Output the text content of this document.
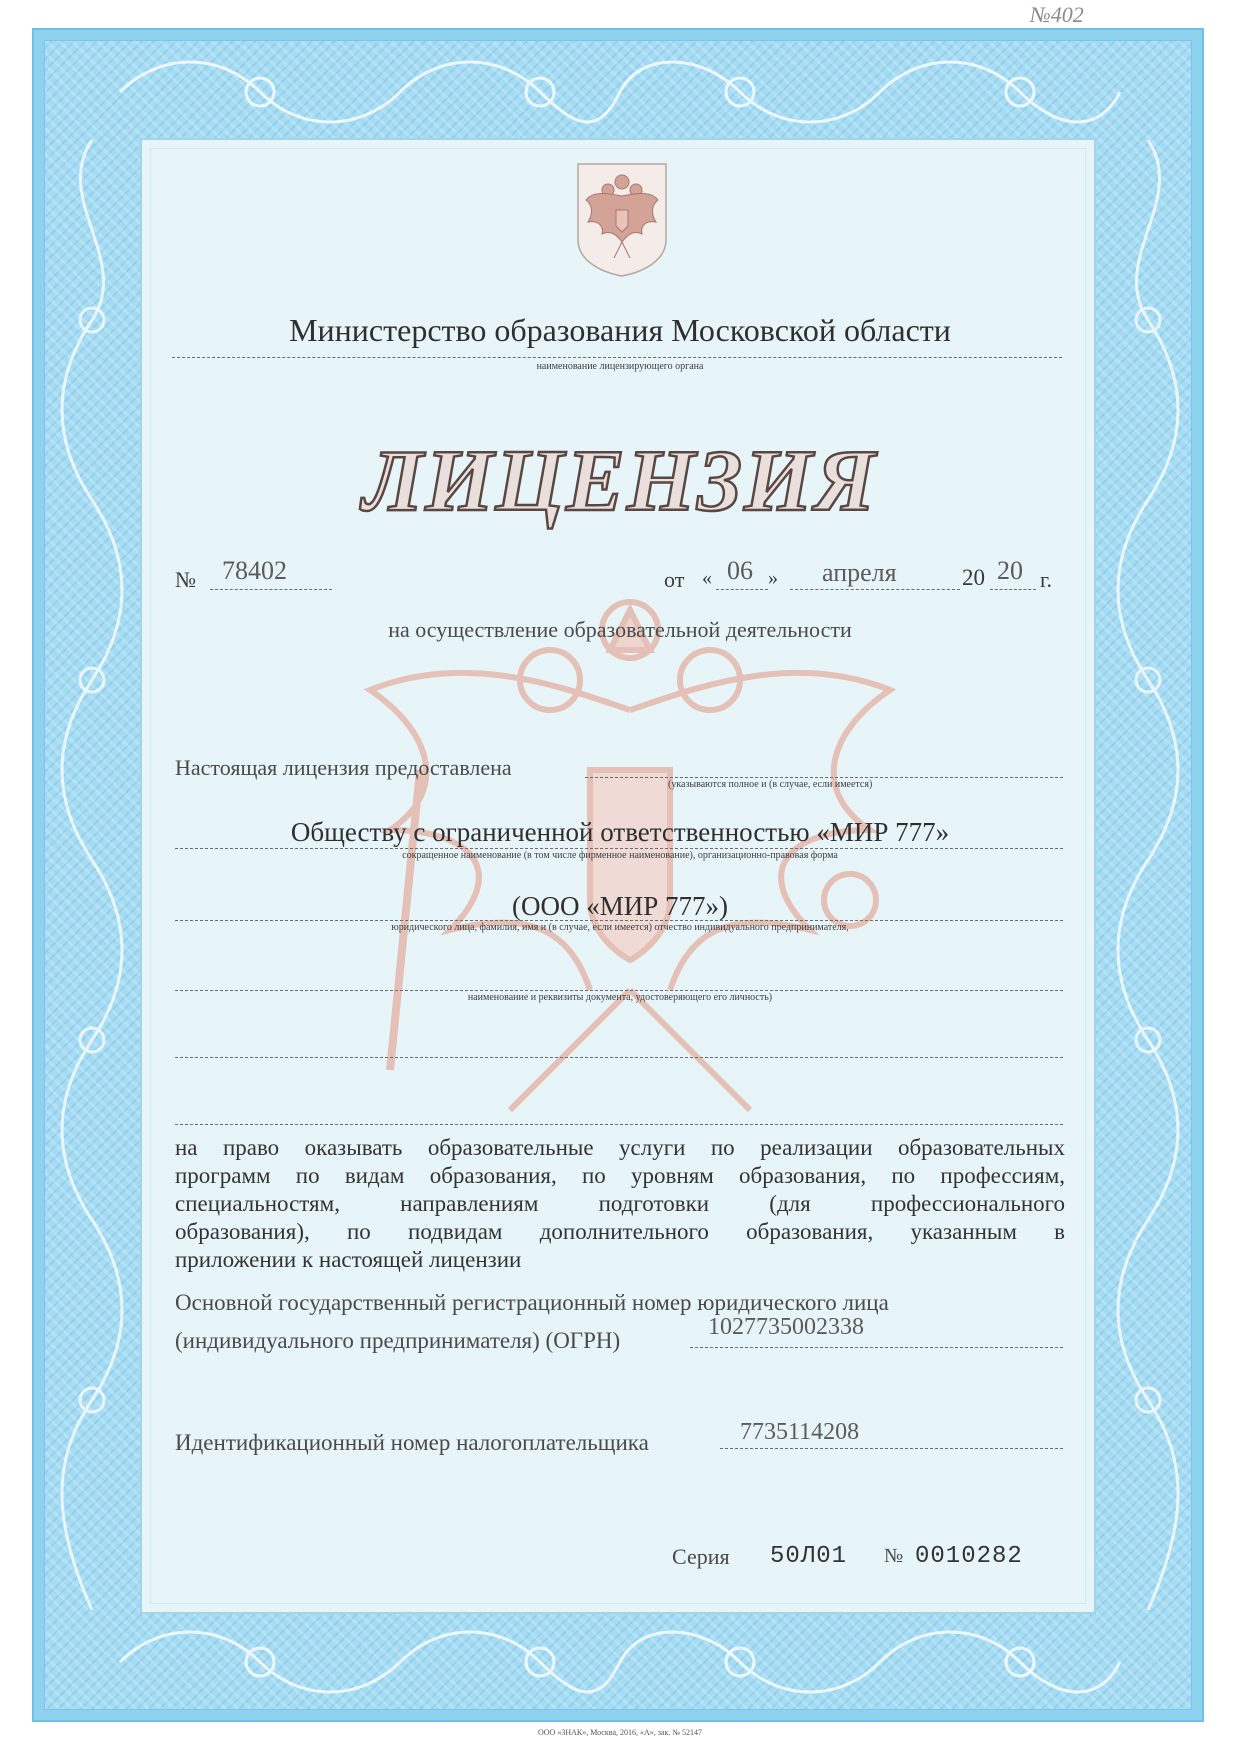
№402
Министерство образования Московской области
наименование лицензирующего органа
ЛИЦЕНЗИЯ
№ 78402	от « 06 » апреля	20 20 г.
на осуществление образовательной деятельности
Настоящая лицензия предоставлена
(указываются полное и (в случае, если имеется)
Обществу с ограниченной ответственностью «МИР 777»
сокращенное наименование (в том числе фирменное наименование), организационно-правовая форма
(ООО «МИР 777»)
юридического лица, фамилия, имя и (в случае, если имеется) отчество индивидуального предпринимателя,
наименование и реквизиты документа, удостоверяющего его личность)
на право оказывать образовательные услуги по реализации образовательных
программ по видам образования, по уровням образования, по профессиям,
специальностям, направлениям подготовки (для профессионального
образования), по подвидам дополнительного образования, указанным в
приложении к настоящей лицензии
Основной государственный регистрационный номер юридического лица
(индивидуального предпринимателя) (ОГРН)
1027735002338
Идентификационный номер налогоплательщика	7735114208
Серия 50Л01 № 0010282
ООО «ЗНАК», Москва, 2016, «А», зак. № 52147
